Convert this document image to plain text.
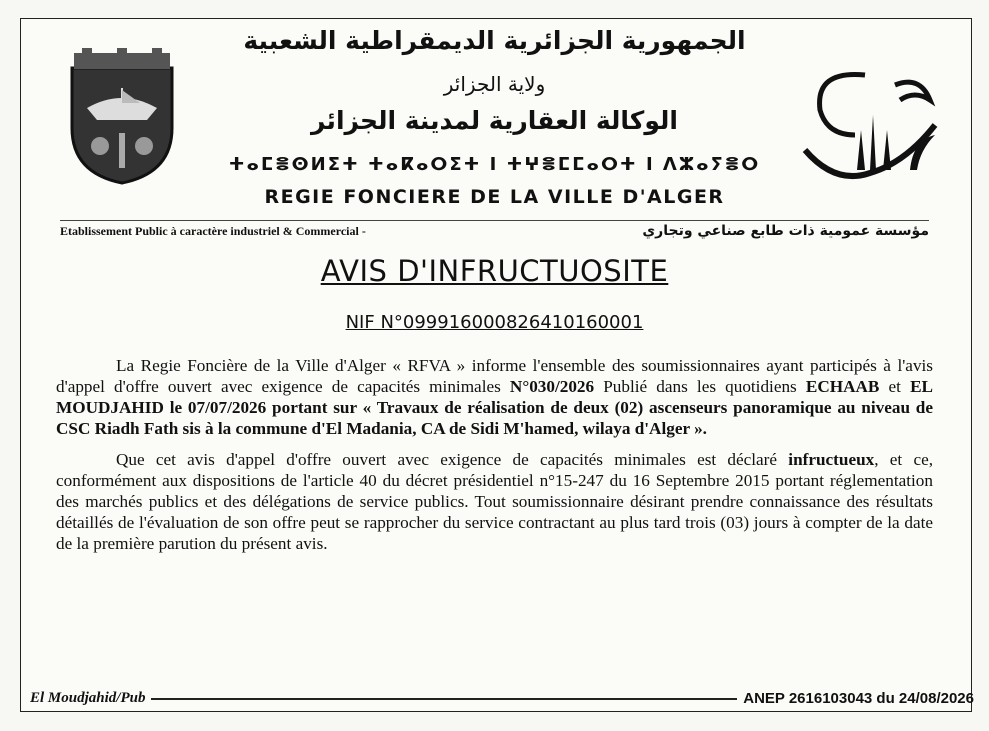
الجمهورية الجزائرية الديمقراطية الشعبية
ولاية الجزائر
الوكالة العقارية لمدينة الجزائر
ⵜⴰⵎⴻⵙⵍⵉⵜ ⵜⴰⴽⴰⵔⵉⵜ ⵏ ⵜⵖⴻⵎⵎⴰⵔⵜ ⵏ ⴷⵣⴰⵢⴻⵔ
REGIE FONCIERE DE LA VILLE D'ALGER
Etablissement Public à caractère industriel & Commercial -	مؤسسة عمومية ذات طابع صناعي وتجاري
AVIS D'INFRUCTUOSITE
NIF N°099916000826410160001

La Regie Foncière de la Ville d'Alger « RFVA » informe l'ensemble des soumissionnaires ayant participés à l'avis d'appel d'offre ouvert avec exigence de capacités minimales N°030/2026 Publié dans les quotidiens ECHAAB et EL MOUDJAHID le 07/07/2026 portant sur « Travaux de réalisation de deux (02) ascenseurs panoramique au niveau de CSC Riadh Fath sis à la commune d'El Madania, CA de Sidi M'hamed, wilaya d'Alger ».

Que cet avis d'appel d'offre ouvert avec exigence de capacités minimales est déclaré infructueux, et ce, conformément aux dispositions de l'article 40 du décret présidentiel n°15-247 du 16 Septembre 2015 portant réglementation des marchés publics et des délégations de service publics. Tout soumissionnaire désirant prendre connaissance des résultats détaillés de l'évaluation de son offre peut se rapprocher du service contractant au plus tard trois (03) jours à compter de la date de la première parution du présent avis.

El Moudjahid/Pub	ANEP 2616103043 du 24/08/2026
